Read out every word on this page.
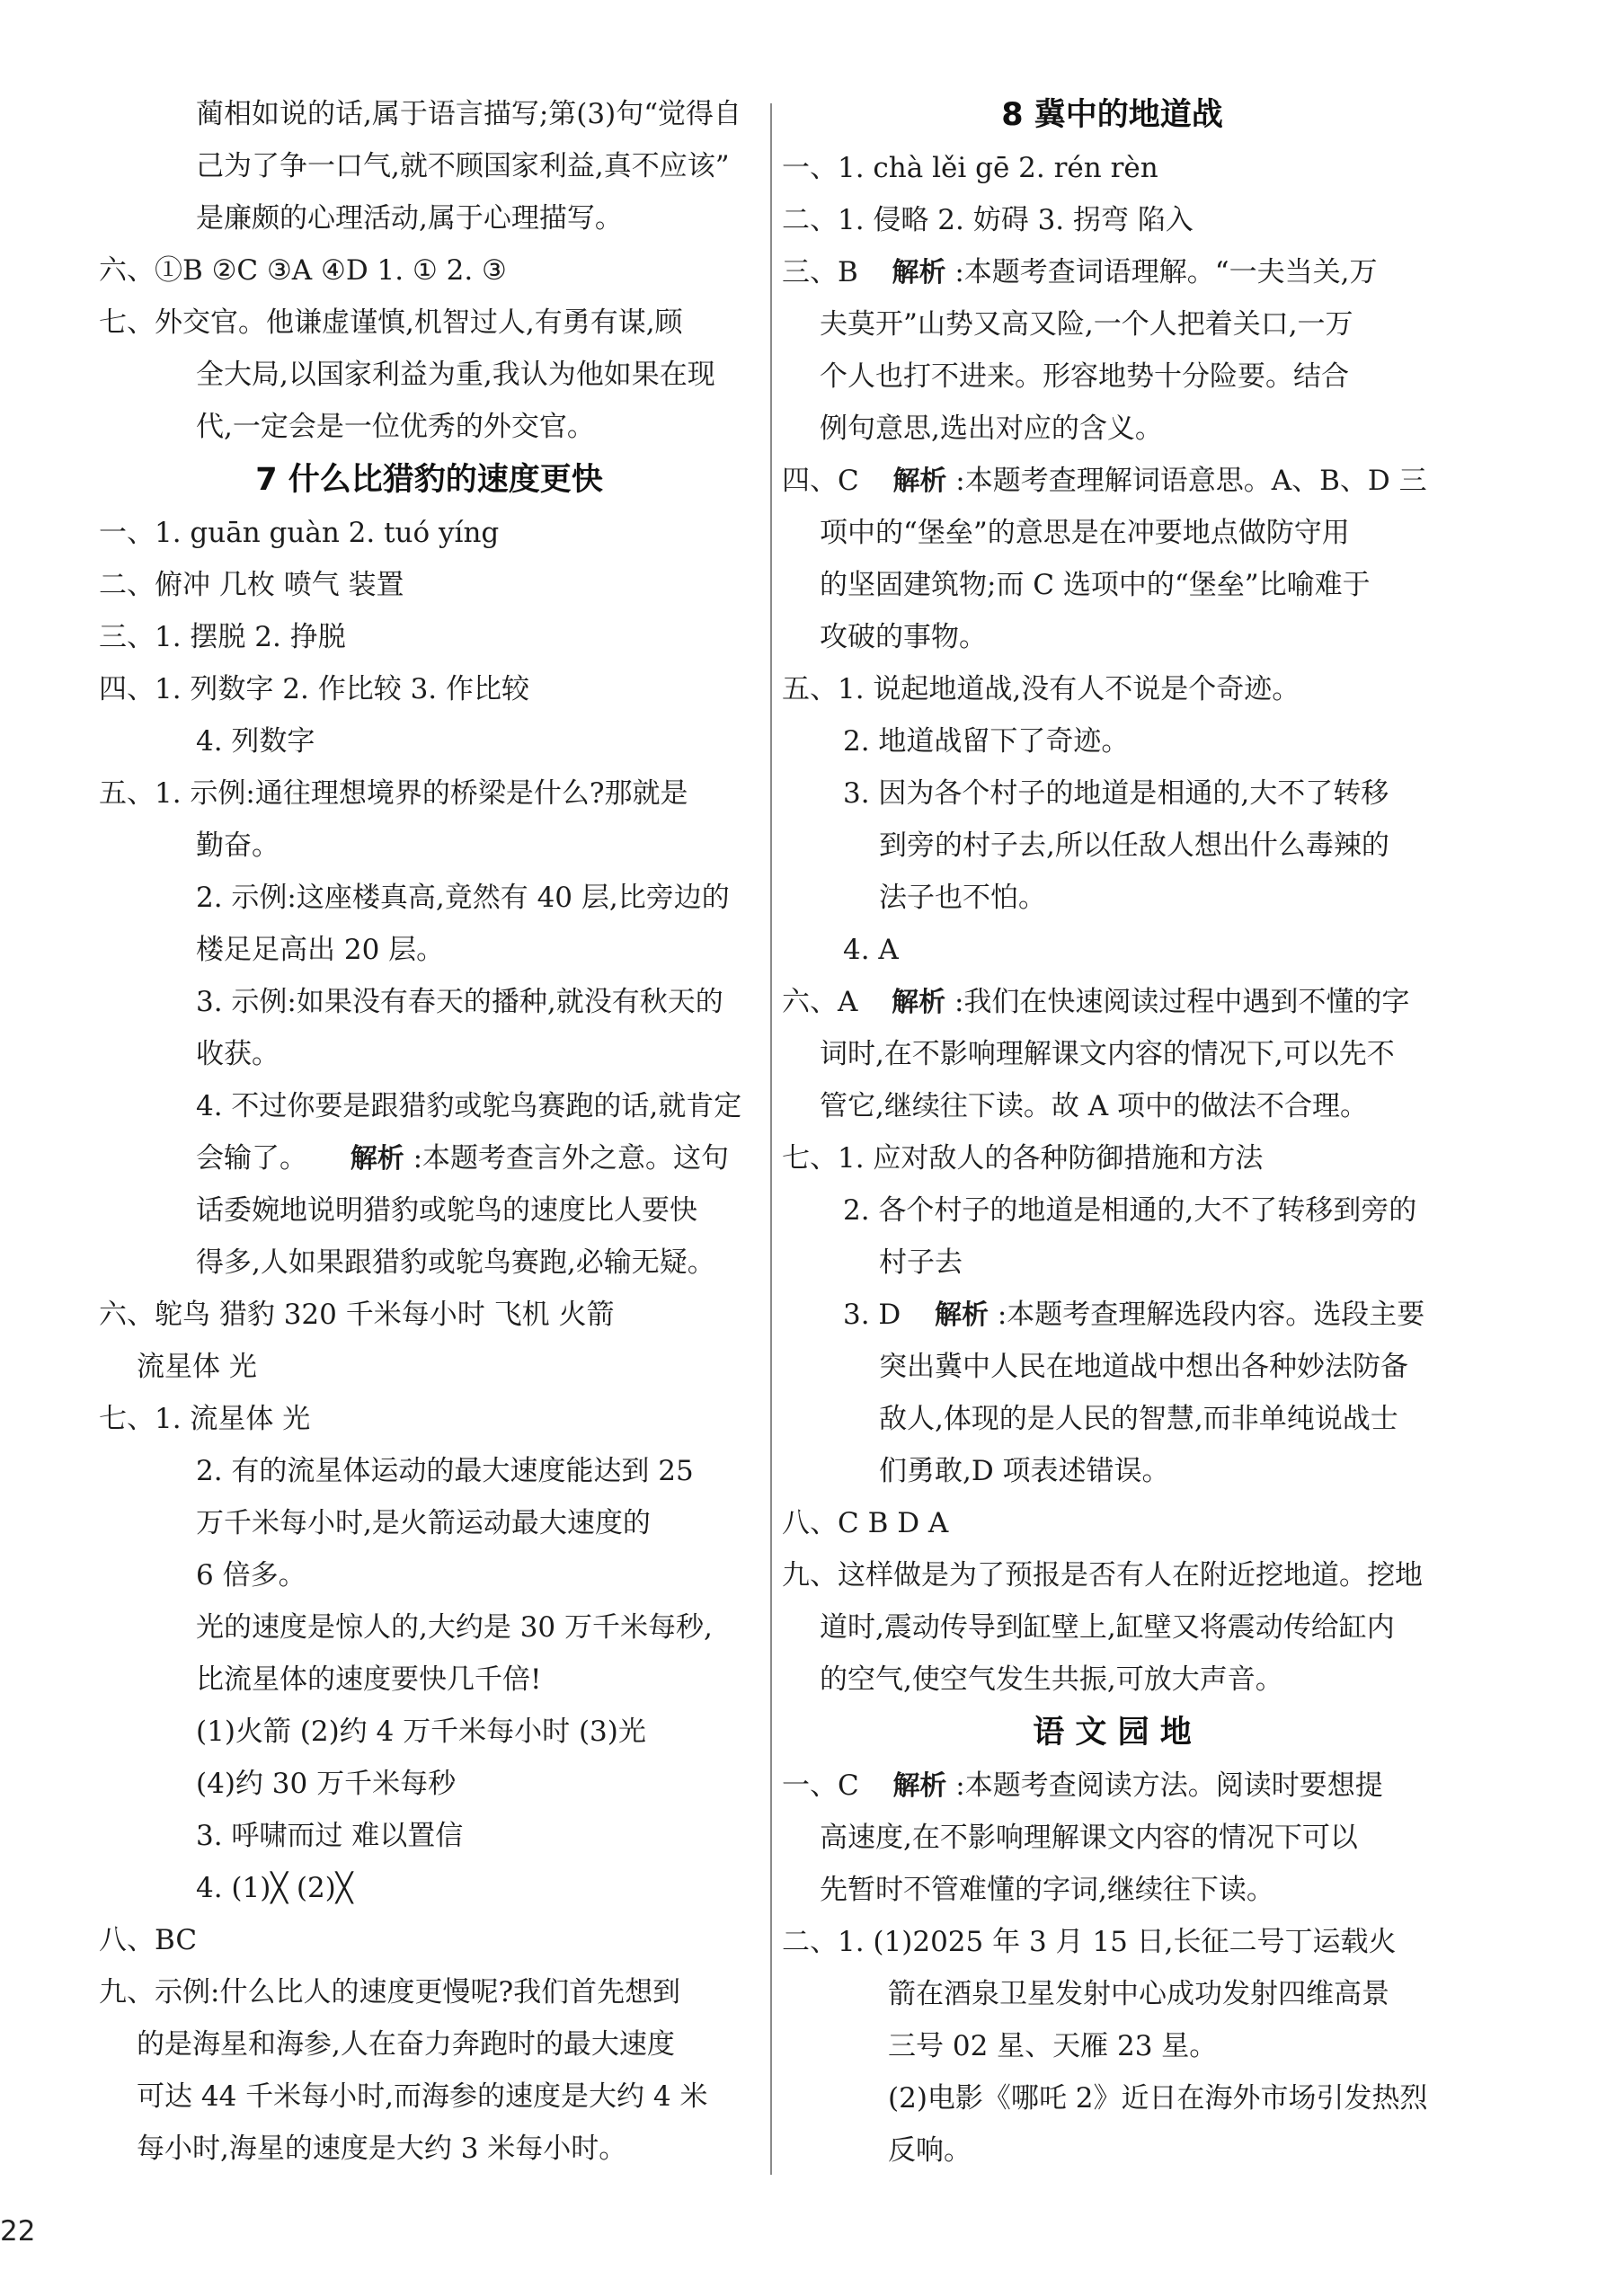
蔺相如说的话,属于语言描写;第(3)句“觉得自
己为了争一口气,就不顾国家利益,真不应该”
是廉颇的心理活动,属于心理描写。
六、①B ②C ③A ④D 1. ① 2. ③
七、外交官。他谦虚谨慎,机智过人,有勇有谋,顾
全大局,以国家利益为重,我认为他如果在现
代,一定会是一位优秀的外交官。
7 什么比猎豹的速度更快
一、1. guān guàn 2. tuó yíng
二、俯冲 几枚 喷气 装置
三、1. 摆脱 2. 挣脱
四、1. 列数字 2. 作比较 3. 作比较
4. 列数字
五、1. 示例:通往理想境界的桥梁是什么?那就是
勤奋。
2. 示例:这座楼真高,竟然有 40 层,比旁边的
楼足足高出 20 层。
3. 示例:如果没有春天的播种,就没有秋天的
收获。
4. 不过你要是跟猎豹或鸵鸟赛跑的话,就肯定
会输了。 解析 :本题考查言外之意。这句
话委婉地说明猎豹或鸵鸟的速度比人要快
得多,人如果跟猎豹或鸵鸟赛跑,必输无疑。
六、鸵鸟 猎豹 320 千米每小时 飞机 火箭
流星体 光
七、1. 流星体 光
2. 有的流星体运动的最大速度能达到 25
万千米每小时,是火箭运动最大速度的
6 倍多。
光的速度是惊人的,大约是 30 万千米每秒,
比流星体的速度要快几千倍!
(1)火箭 (2)约 4 万千米每小时 (3)光
(4)约 30 万千米每秒
3. 呼啸而过 难以置信
4. (1)╳ (2)╳
八、BC
九、示例:什么比人的速度更慢呢?我们首先想到
的是海星和海参,人在奋力奔跑时的最大速度
可达 44 千米每小时,而海参的速度是大约 4 米
每小时,海星的速度是大约 3 米每小时。
8 冀中的地道战
一、1. chà lěi gē 2. rén rèn
二、1. 侵略 2. 妨碍 3. 拐弯 陷入
三、B  解析 :本题考查词语理解。“一夫当关,万
夫莫开”山势又高又险,一个人把着关口,一万
个人也打不进来。形容地势十分险要。结合
例句意思,选出对应的含义。
四、C  解析 :本题考查理解词语意思。A、B、D 三
项中的“堡垒”的意思是在冲要地点做防守用
的坚固建筑物;而 C 选项中的“堡垒”比喻难于
攻破的事物。
五、1. 说起地道战,没有人不说是个奇迹。
2. 地道战留下了奇迹。
3. 因为各个村子的地道是相通的,大不了转移
到旁的村子去,所以任敌人想出什么毒辣的
法子也不怕。
4. A
六、A  解析 :我们在快速阅读过程中遇到不懂的字
词时,在不影响理解课文内容的情况下,可以先不
管它,继续往下读。故 A 项中的做法不合理。
七、1. 应对敌人的各种防御措施和方法
2. 各个村子的地道是相通的,大不了转移到旁的
村子去
3. D  解析 :本题考查理解选段内容。选段主要
突出冀中人民在地道战中想出各种妙法防备
敌人,体现的是人民的智慧,而非单纯说战士
们勇敢,D 项表述错误。
八、C B D A
九、这样做是为了预报是否有人在附近挖地道。挖地
道时,震动传导到缸壁上,缸壁又将震动传给缸内
的空气,使空气发生共振,可放大声音。
语 文 园 地
一、C  解析 :本题考查阅读方法。阅读时要想提
高速度,在不影响理解课文内容的情况下可以
先暂时不管难懂的字词,继续往下读。
二、1. (1)2025 年 3 月 15 日,长征二号丁运载火
箭在酒泉卫星发射中心成功发射四维高景
三号 02 星、天雁 23 星。
(2)电影《哪吒 2》近日在海外市场引发热烈
反响。
22
